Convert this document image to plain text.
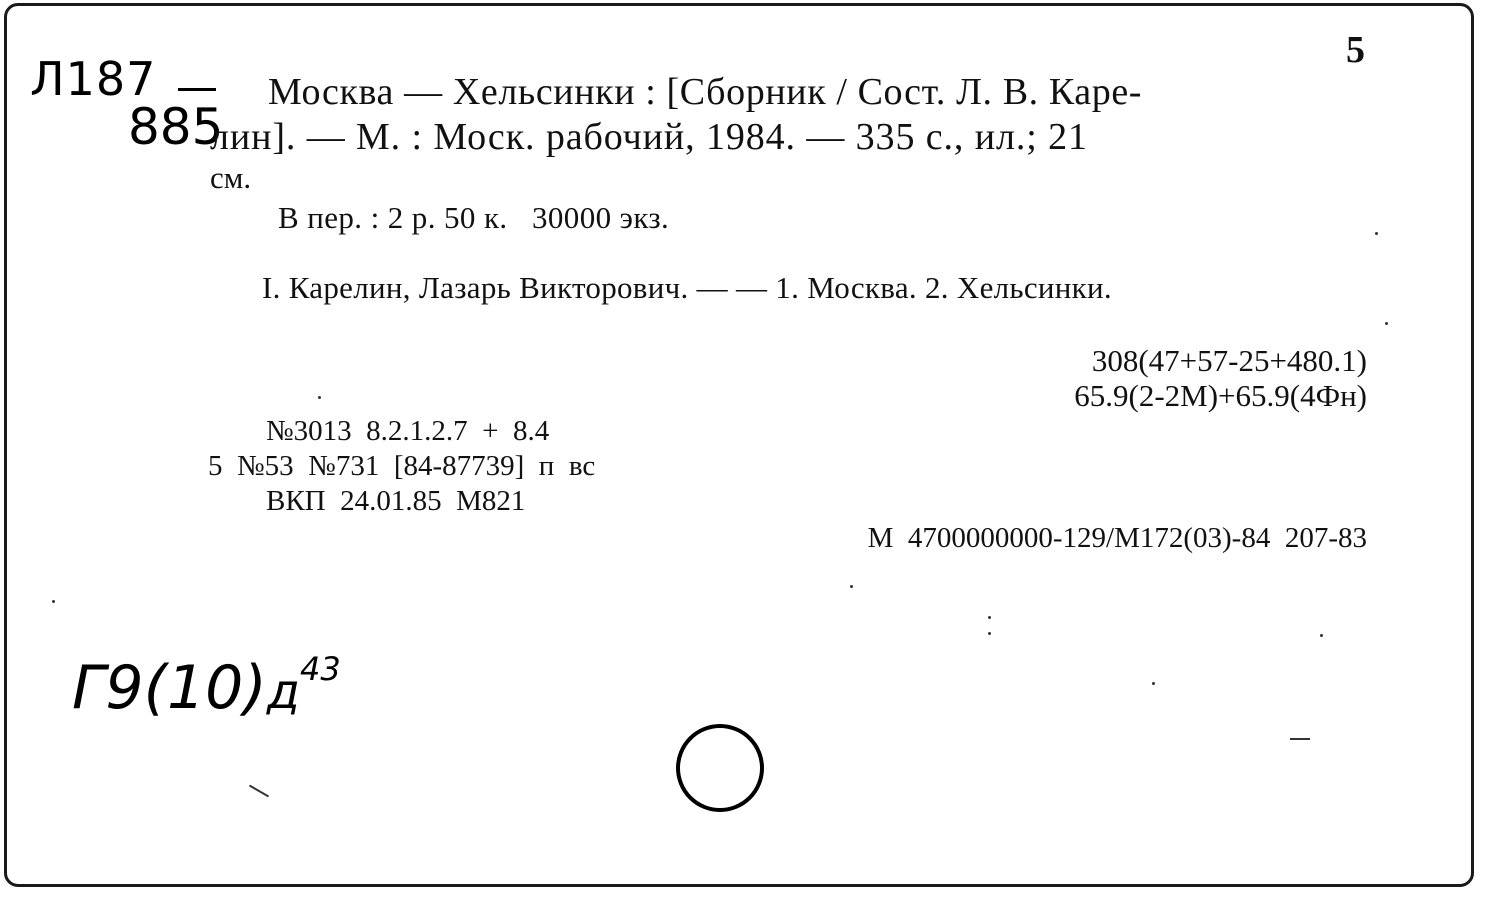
5
Л187
885
Москва — Хельсинки : [Сборник / Сост. Л. В. Каре-
лин]. — М. : Моск. рабочий, 1984. — 335 с., ил.; 21
см.
В пер. : 2 р. 50 к.   30000 экз.
I. Карелин, Лазарь Викторович. — — 1. Москва. 2. Хельсинки.
308(47+57-25+480.1)
65.9(2-2М)+65.9(4Фн)
№3013  8.2.1.2.7  +  8.4
5  №53  №731  [84-87739]  п  вс
ВКП  24.01.85  М821
М  4700000000-129/М172(03)-84  207-83
$Г9(10)д^{43}$
